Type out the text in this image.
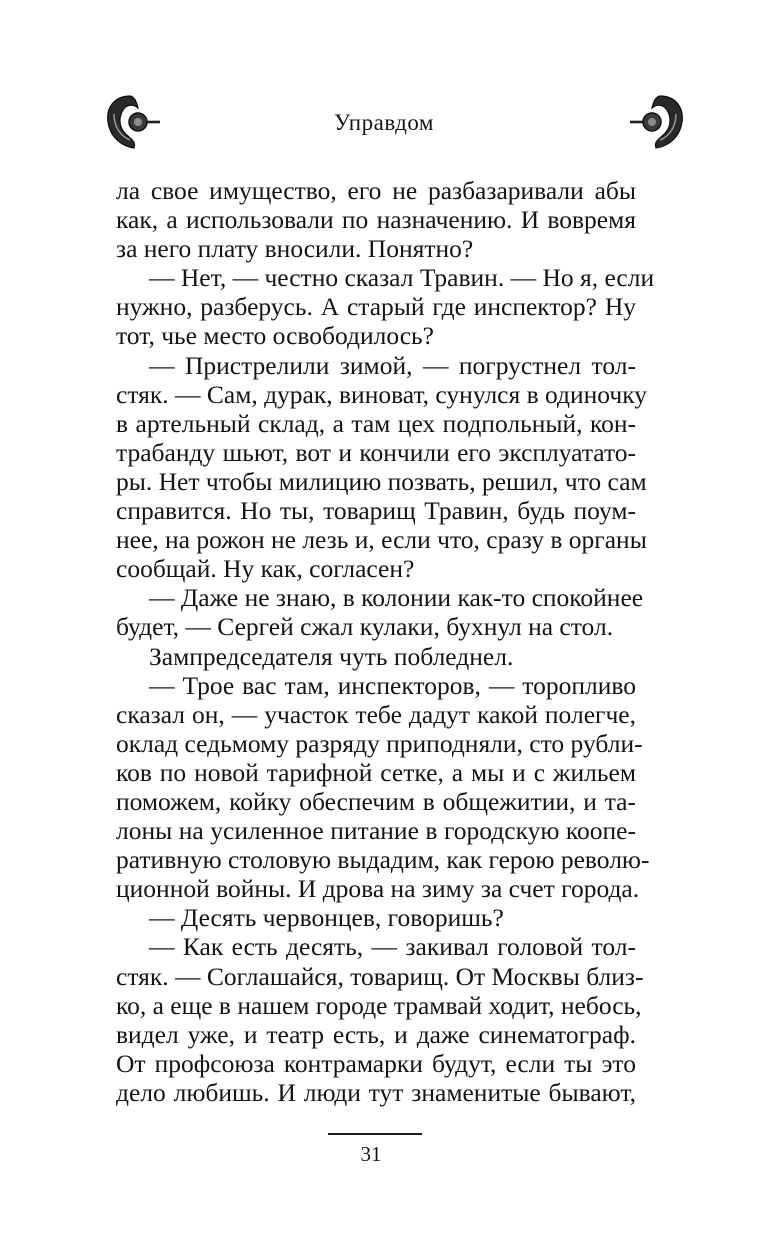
Управдом
ла свое имущество, его не разбазаривали абы
как, а использовали по назначению. И вовремя
за него плату вносили. Понятно?
— Нет, — честно сказал Травин. — Но я, если
нужно, разберусь. А старый где инспектор? Ну
тот, чье место освободилось?
— Пристрелили зимой, — погрустнел тол-
стяк. — Сам, дурак, виноват, сунулся в одиночку
в артельный склад, а там цех подпольный, кон-
трабанду шьют, вот и кончили его эксплуатато-
ры. Нет чтобы милицию позвать, решил, что сам
справится. Но ты, товарищ Травин, будь поум-
нее, на рожон не лезь и, если что, сразу в органы
сообщай. Ну как, согласен?
— Даже не знаю, в колонии как-то спокойнее
будет, — Сергей сжал кулаки, бухнул на стол.
Зампредседателя чуть побледнел.
— Трое вас там, инспекторов, — торопливо
сказал он, — участок тебе дадут какой полегче,
оклад седьмому разряду приподняли, сто рубли-
ков по новой тарифной сетке, а мы и с жильем
поможем, койку обеспечим в общежитии, и та-
лоны на усиленное питание в городскую коопе-
ративную столовую выдадим, как герою револю-
ционной войны. И дрова на зиму за счет города.
— Десять червонцев, говоришь?
— Как есть десять, — закивал головой тол-
стяк. — Соглашайся, товарищ. От Москвы близ-
ко, а еще в нашем городе трамвай ходит, небось,
видел уже, и театр есть, и даже синематограф.
От профсоюза контрамарки будут, если ты это
дело любишь. И люди тут знаменитые бывают,
31
